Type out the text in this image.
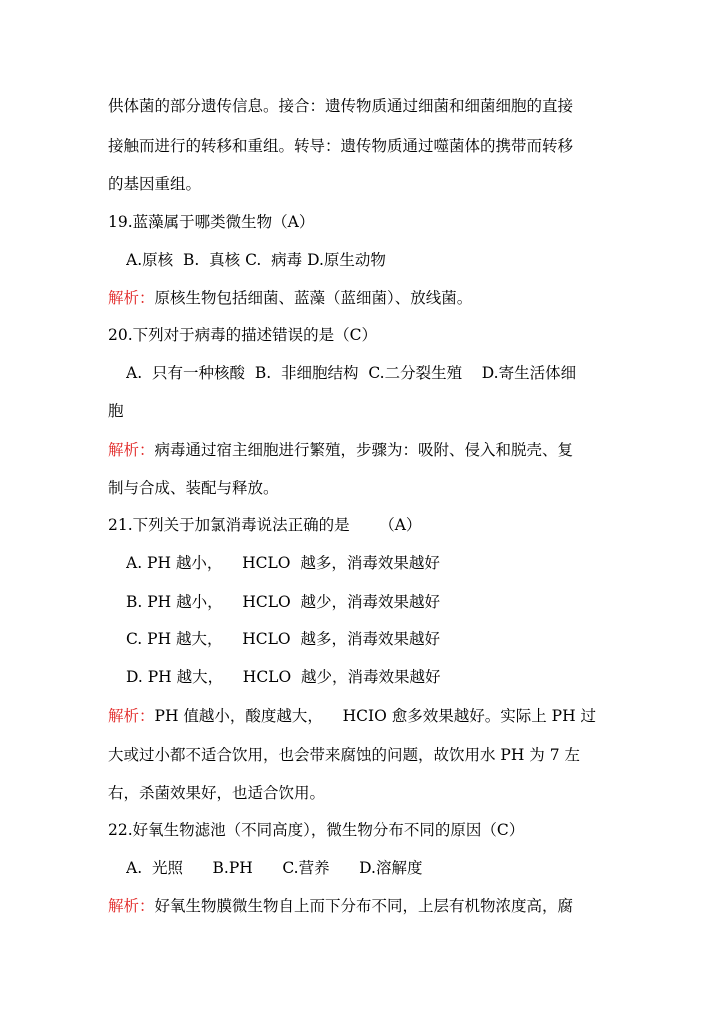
供体菌的部分遗传信息。接合：遗传物质通过细菌和细菌细胞的直接
接触而进行的转移和重组。转导：遗传物质通过噬菌体的携带而转移
的基因重组。
19.蓝藻属于哪类微生物（A）
A.原核  B.  真核 C.  病毒 D.原生动物
解析：原核生物包括细菌、蓝藻（蓝细菌）、放线菌。
20.下列对于病毒的描述错误的是（C）
A.  只有一种核酸  B.  非细胞结构  C.二分裂生殖    D.寄生活体细
胞
解析：病毒通过宿主细胞进行繁殖，步骤为：吸附、侵入和脱壳、复
制与合成、装配与释放。
21.下列关于加氯消毒说法正确的是      （A）
A. PH 越小，    HCLO  越多，消毒效果越好
B. PH 越小，    HCLO  越少，消毒效果越好
C. PH 越大，    HCLO  越多，消毒效果越好
D. PH 越大，    HCLO  越少，消毒效果越好
解析：PH 值越小，酸度越大，    HCIO 愈多效果越好。实际上 PH 过
大或过小都不适合饮用，也会带来腐蚀的问题，故饮用水 PH 为 7 左
右，杀菌效果好，也适合饮用。
22.好氧生物滤池（不同高度），微生物分布不同的原因（C）
A.  光照      B.PH      C.营养      D.溶解度
解析：好氧生物膜微生物自上而下分布不同，上层有机物浓度高，腐
